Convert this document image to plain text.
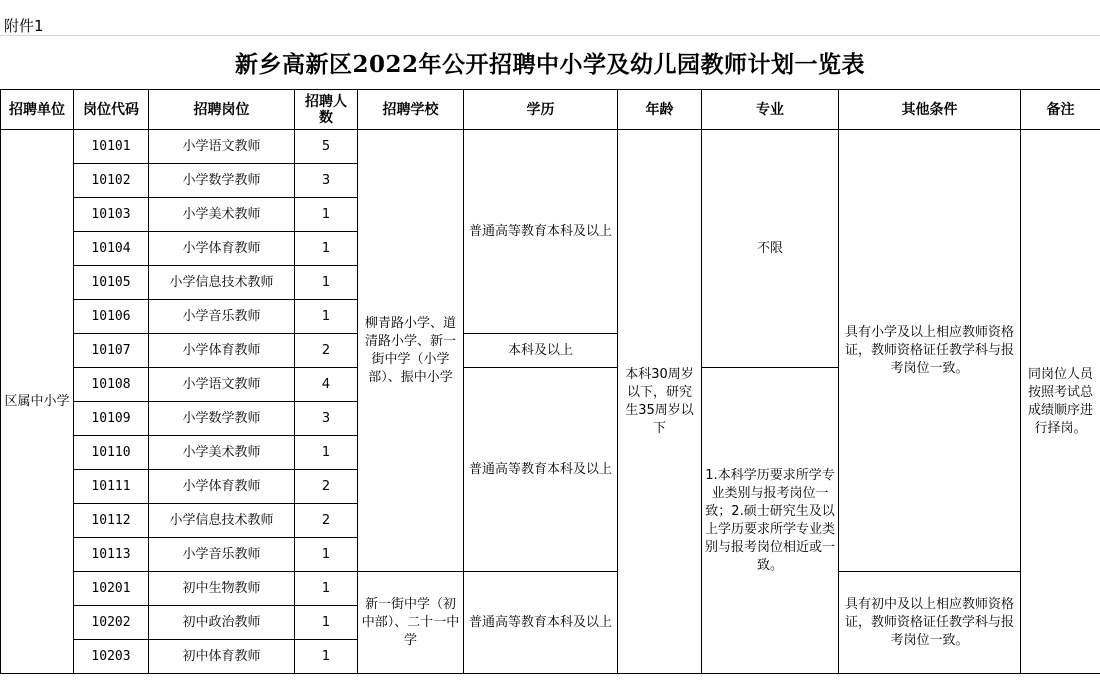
附件1
新乡高新区2022年公开招聘中小学及幼儿园教师计划一览表
招聘单位	岗位代码	招聘岗位	招聘人数	招聘学校	学历	年龄	专业	其他条件	备注
区属中小学	10101	小学语文教师	5	柳青路小学、道清路小学、新一街中学（小学部）、振中小学	普通高等教育本科及以上	本科30周岁以下，研究生35周岁以下	不限	具有小学及以上相应教师资格证，教师资格证任教学科与报考岗位一致。	同岗位人员按照考试总成绩顺序进行择岗。
	10102	小学数学教师	3						
	10103	小学美术教师	1						
	10104	小学体育教师	1						
	10105	小学信息技术教师	1						
	10106	小学音乐教师	1						
	10107	小学体育教师	2		本科及以上				
	10108	小学语文教师	4		普通高等教育本科及以上		1.本科学历要求所学专业类别与报考岗位一致；2.硕士研究生及以上学历要求所学专业类别与报考岗位相近或一致。		
	10109	小学数学教师	3						
	10110	小学美术教师	1						
	10111	小学体育教师	2						
	10112	小学信息技术教师	2						
	10113	小学音乐教师	1						
	10201	初中生物教师	1	新一街中学（初中部）、二十一中学	普通高等教育本科及以上			具有初中及以上相应教师资格证，教师资格证任教学科与报考岗位一致。	
	10202	初中政治教师	1						
	10203	初中体育教师	1						
